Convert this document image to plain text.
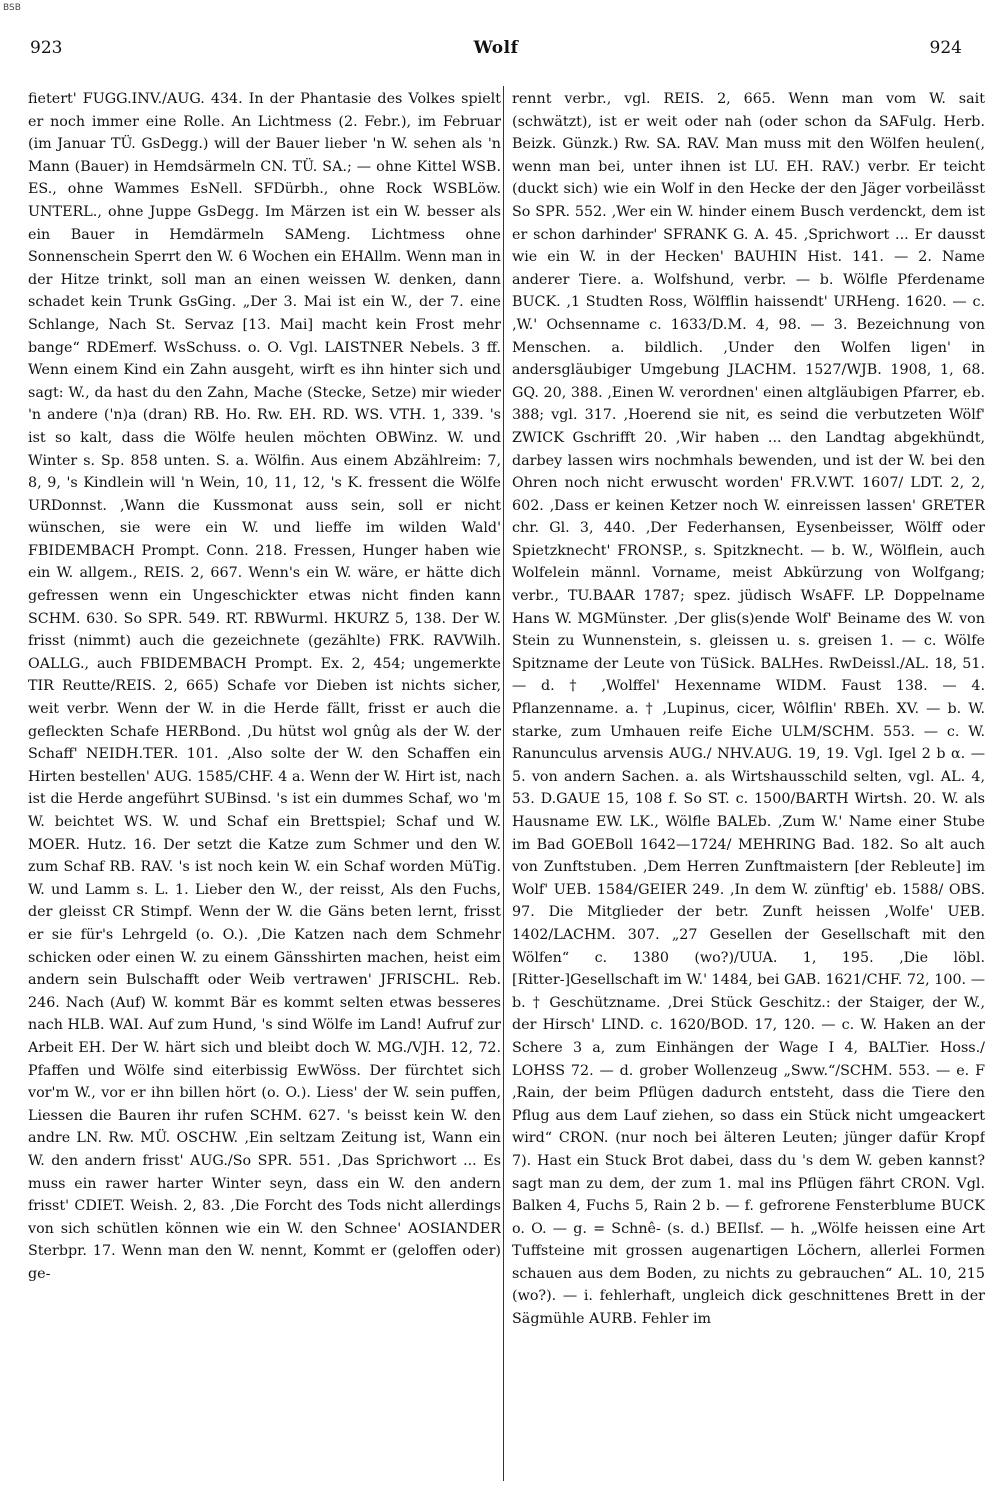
BSB
923	Wolf	924
fietert' FUGG.INV./AUG. 434. In der Phantasie des Volkes spielt er noch immer eine Rolle. An Lichtmess (2. Febr.), im Februar (im Januar TÜ. GsDegg.) will der Bauer lieber 'n W. sehen als 'n Mann (Bauer) in Hemdsärmeln CN. TÜ. SA.; — ohne Kittel WSB. ES., ohne Wammes EsNell. SFDürbh., ohne Rock WSBLöw. UNTERL., ohne Juppe GsDegg. Im Märzen ist ein W. besser als ein Bauer in Hemdärmeln SAMeng. Lichtmess ohne Sonnenschein Sperrt den W. 6 Wochen ein EHAllm. Wenn man in der Hitze trinkt, soll man an einen weissen W. denken, dann schadet kein Trunk GsGing. „Der 3. Mai ist ein W., der 7. eine Schlange, Nach St. Servaz [13. Mai] macht kein Frost mehr bange“ RDEmerf. WsSchuss. o. O. Vgl. LAISTNER Nebels. 3 ff. Wenn einem Kind ein Zahn ausgeht, wirft es ihn hinter sich und sagt: W., da hast du den Zahn, Mache (Stecke, Setze) mir wieder 'n andere ('n)a (dran) RB. Ho. Rw. EH. RD. WS. VTH. 1, 339. 's ist so kalt, dass die Wölfe heulen möchten OBWinz. W. und Winter s. Sp. 858 unten. S. a. Wölfin. Aus einem Abzählreim: 7, 8, 9, 's Kindlein will 'n Wein, 10, 11, 12, 's K. fressent die Wölfe URDonnst. ‚Wann die Kussmonat auss sein, soll er nicht wünschen, sie were ein W. und lieffe im wilden Wald' FBIDEMBACH Prompt. Conn. 218. Fressen, Hunger haben wie ein W. allgem., REIS. 2, 667. Wenn's ein W. wäre, er hätte dich gefressen wenn ein Ungeschickter etwas nicht finden kann SCHM. 630. So SPR. 549. RT. RBWurml. HKURZ 5, 138. Der W. frisst (nimmt) auch die gezeichnete (gezählte) FRK. RAVWilh. OALLG., auch FBIDEMBACH Prompt. Ex. 2, 454; ungemerkte TIR Reutte/REIS. 2, 665) Schafe vor Dieben ist nichts sicher, weit verbr. Wenn der W. in die Herde fällt, frisst er auch die gefleckten Schafe HERBond. ‚Du hütst wol gnûg als der W. der Schaff' NEIDH.TER. 101. ‚Also solte der W. den Schaffen ein Hirten bestellen' AUG. 1585/CHF. 4 a. Wenn der W. Hirt ist, nach ist die Herde angeführt SUBinsd. 's ist ein dummes Schaf, wo 'm W. beichtet WS. W. und Schaf ein Brettspiel; Schaf und W. MOER. Hutz. 16. Der setzt die Katze zum Schmer und den W. zum Schaf RB. RAV. 's ist noch kein W. ein Schaf worden MüTig. W. und Lamm s. L. 1. Lieber den W., der reisst, Als den Fuchs, der gleisst CR Stimpf. Wenn der W. die Gäns beten lernt, frisst er sie für's Lehrgeld (o. O.). ‚Die Katzen nach dem Schmehr schicken oder einen W. zu einem Gänsshirten machen, heist eim andern sein Bulschafft oder Weib vertrawen' JFRISCHL. Reb. 246. Nach (Auf) W. kommt Bär es kommt selten etwas besseres nach HLB. WAI. Auf zum Hund, 's sind Wölfe im Land! Aufruf zur Arbeit EH. Der W. härt sich und bleibt doch W. MG./VJH. 12, 72. Pfaffen und Wölfe sind eiterbissig EwWöss. Der fürchtet sich vor'm W., vor er ihn billen hört (o. O.). Liess' der W. sein puffen, Liessen die Bauren ihr rufen SCHM. 627. 's beisst kein W. den andre LN. Rw. MÜ. OSCHW. ‚Ein seltzam Zeitung ist, Wann ein W. den andern frisst' AUG./So SPR. 551. ‚Das Sprichwort ... Es muss ein rawer harter Winter seyn, dass ein W. den andern frisst' CDIET. Weish. 2, 83. ‚Die Forcht des Tods nicht allerdings von sich schütlen können wie ein W. den Schnee' AOSIANDER Sterbpr. 17. Wenn man den W. nennt, Kommt er (geloffen oder) ge-
rennt verbr., vgl. REIS. 2, 665. Wenn man vom W. sait (schwätzt), ist er weit oder nah (oder schon da SAFulg. Herb. Beizk. Günzk.) Rw. SA. RAV. Man muss mit den Wölfen heulen(, wenn man bei, unter ihnen ist LU. EH. RAV.) verbr. Er teicht (duckt sich) wie ein Wolf in den Hecke der den Jäger vorbeilässt So SPR. 552. ‚Wer ein W. hinder einem Busch verdenckt, dem ist er schon darhinder' SFRANK G. A. 45. ‚Sprichwort ... Er dausst wie ein W. in der Hecken' BAUHIN Hist. 141. — 2. Name anderer Tiere. a. Wolfshund, verbr. — b. Wölfle Pferdename BUCK. ‚1 Studten Ross, Wölfflin haissendt' URHeng. 1620. — c. ‚W.' Ochsenname c. 1633/D.M. 4, 98. — 3. Bezeichnung von Menschen. a. bildlich. ‚Under den Wolfen ligen' in andersgläubiger Umgebung JLACHM. 1527/WJB. 1908, 1, 68. GQ. 20, 388. ‚Einen W. verordnen' einen altgläubigen Pfarrer, eb. 388; vgl. 317. ‚Hoerend sie nit, es seind die verbutzeten Wölf' ZWICK Gschrifft 20. ‚Wir haben ... den Landtag abgekhündt, darbey lassen wirs nochmhals bewenden, und ist der W. bei den Ohren noch nicht erwuscht worden' FR.V.WT. 1607/ LDT. 2, 2, 602. ‚Dass er keinen Ketzer noch W. einreissen lassen' GRETER chr. Gl. 3, 440. ‚Der Federhansen, Eysenbeisser, Wölff oder Spietzknecht' FRONSP., s. Spitzknecht. — b. W., Wölflein, auch Wolfelein männl. Vorname, meist Abkürzung von Wolfgang; verbr., TU.BAAR 1787; spez. jüdisch WsAFF. LP. Doppelname Hans W. MGMünster. ‚Der glis(s)ende Wolf' Beiname des W. von Stein zu Wunnenstein, s. gleissen u. s. greisen 1. — c. Wölfe Spitzname der Leute von TüSick. BALHes. RwDeissl./AL. 18, 51. — d. † ‚Wolffel' Hexenname WIDM. Faust 138. — 4. Pflanzenname. a. † ‚Lupinus, cicer, Wôlflin' RBEh. XV. — b. W. starke, zum Umhauen reife Eiche ULM/SCHM. 553. — c. W. Ranunculus arvensis AUG./ NHV.AUG. 19, 19. Vgl. Igel 2 b α. — 5. von andern Sachen. a. als Wirtshausschild selten, vgl. AL. 4, 53. D.GAUE 15, 108 f. So ST. c. 1500/BARTH Wirtsh. 20. W. als Hausname EW. LK., Wölfle BALEb. ‚Zum W.' Name einer Stube im Bad GOEBoll 1642—1724/ MEHRING Bad. 182. So alt auch von Zunftstuben. ‚Dem Herren Zunftmaistern [der Rebleute] im Wolf' UEB. 1584/GEIER 249. ‚In dem W. zünftig' eb. 1588/ OBS. 97. Die Mitglieder der betr. Zunft heissen ‚Wolfe' UEB. 1402/LACHM. 307. „27 Gesellen der Gesellschaft mit den Wölfen“ c. 1380 (wo?)/UUA. 1, 195. ‚Die löbl. [Ritter-]Gesellschaft im W.' 1484, bei GAB. 1621/CHF. 72, 100. — b. † Geschützname. ‚Drei Stück Geschitz.: der Staiger, der W., der Hirsch' LIND. c. 1620/BOD. 17, 120. — c. W. Haken an der Schere 3 a, zum Einhängen der Wage I 4, BALTier. Hoss./ LOHSS 72. — d. grober Wollenzeug „Sww.“/SCHM. 553. — e. F ‚Rain, der beim Pflügen dadurch entsteht, dass die Tiere den Pflug aus dem Lauf ziehen, so dass ein Stück nicht umgeackert wird“ CRON. (nur noch bei älteren Leuten; jünger dafür Kropf 7). Hast ein Stuck Brot dabei, dass du 's dem W. geben kannst? sagt man zu dem, der zum 1. mal ins Pflügen fährt CRON. Vgl. Balken 4, Fuchs 5, Rain 2 b. — f. gefrorene Fensterblume BUCK o. O. — g. = Schnê- (s. d.) BEIlsf. — h. „Wölfe heissen eine Art Tuffsteine mit grossen augenartigen Löchern, allerlei Formen schauen aus dem Boden, zu nichts zu gebrauchen“ AL. 10, 215 (wo?). — i. fehlerhaft, ungleich dick geschnittenes Brett in der Sägmühle AURB. Fehler im
